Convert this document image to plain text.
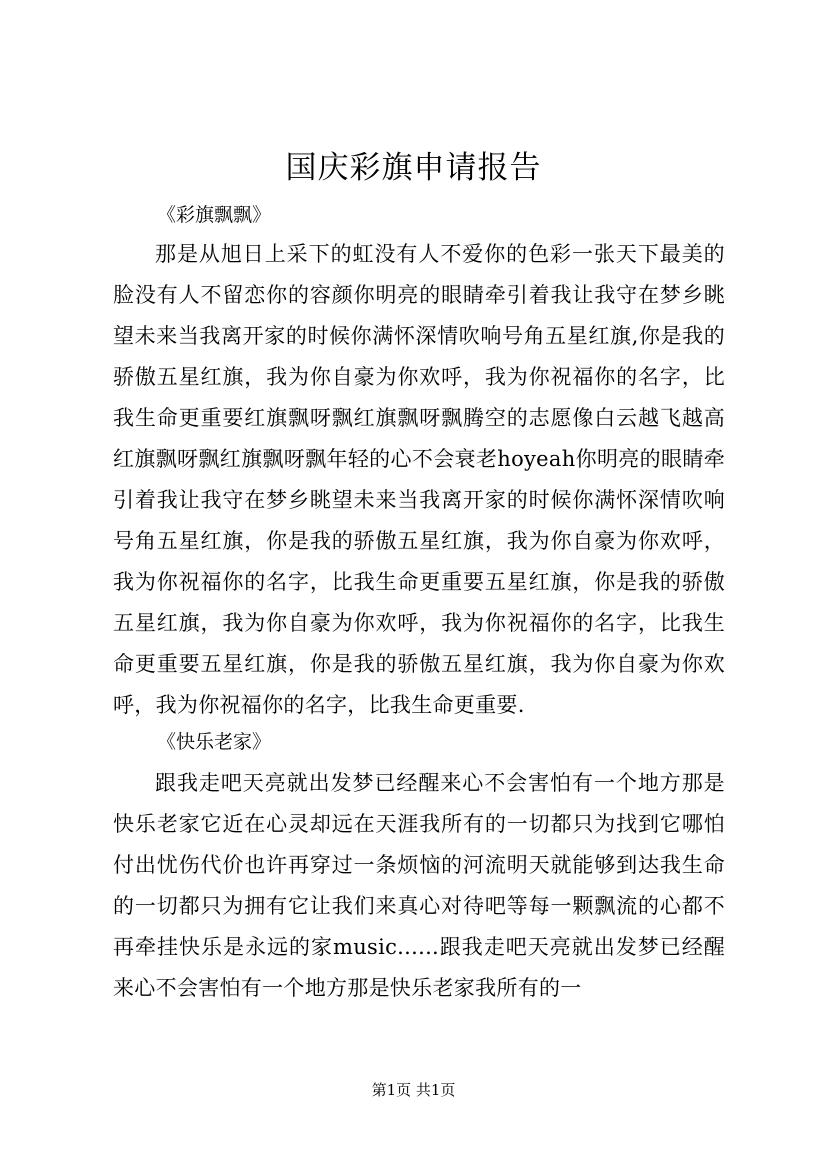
国庆彩旗申请报告
《彩旗飘飘》

那是从旭日上采下的虹没有人不爱你的色彩一张天下最美的脸没有人不留恋你的容颜你明亮的眼睛牵引着我让我守在梦乡眺望未来当我离开家的时候你满怀深情吹响号角五星红旗,你是我的骄傲五星红旗，我为你自豪为你欢呼，我为你祝福你的名字，比我生命更重要红旗飘呀飘红旗飘呀飘腾空的志愿像白云越飞越高红旗飘呀飘红旗飘呀飘年轻的心不会衰老hoyeah你明亮的眼睛牵引着我让我守在梦乡眺望未来当我离开家的时候你满怀深情吹响号角五星红旗，你是我的骄傲五星红旗，我为你自豪为你欢呼，我为你祝福你的名字，比我生命更重要五星红旗，你是我的骄傲五星红旗，我为你自豪为你欢呼，我为你祝福你的名字，比我生命更重要五星红旗，你是我的骄傲五星红旗，我为你自豪为你欢呼，我为你祝福你的名字，比我生命更重要.

《快乐老家》

跟我走吧天亮就出发梦已经醒来心不会害怕有一个地方那是快乐老家它近在心灵却远在天涯我所有的一切都只为找到它哪怕付出忧伤代价也许再穿过一条烦恼的河流明天就能够到达我生命的一切都只为拥有它让我们来真心对待吧等每一颗飘流的心都不再牵挂快乐是永远的家music......跟我走吧天亮就出发梦已经醒来心不会害怕有一个地方那是快乐老家我所有的一

第1页 共1页
